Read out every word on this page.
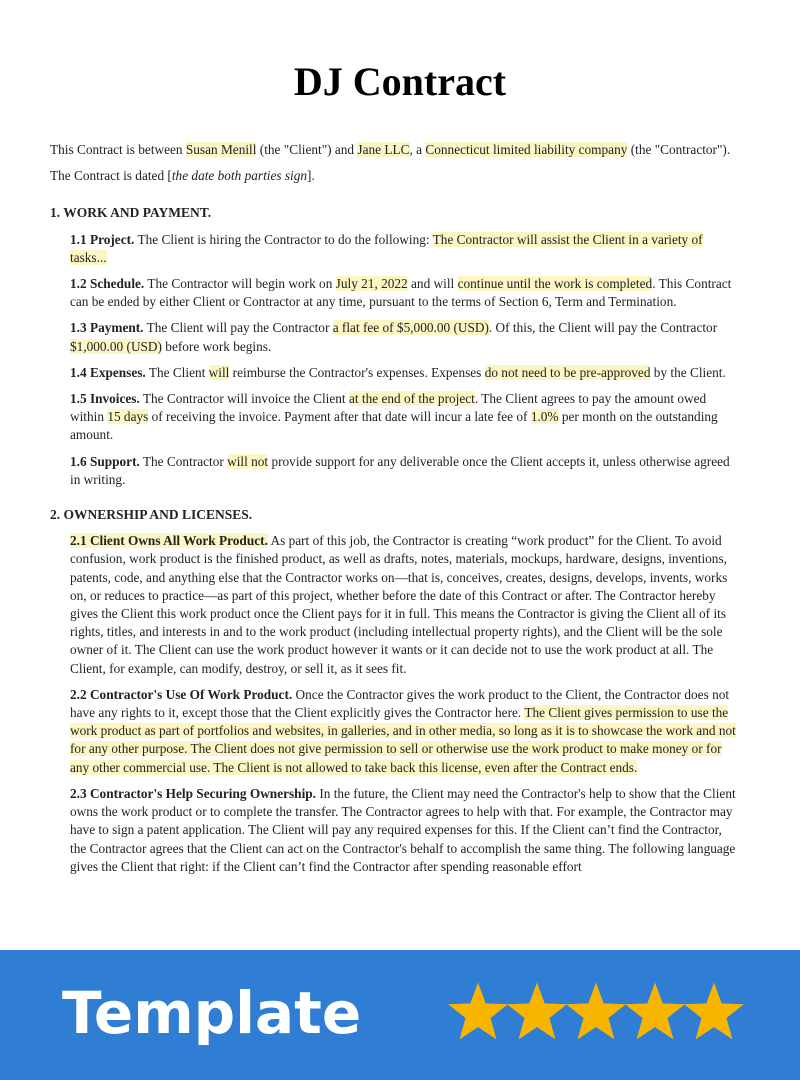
DJ Contract

This Contract is between Susan Menill (the "Client") and Jane LLC, a Connecticut limited liability company (the "Contractor").

The Contract is dated [the date both parties sign].

1. WORK AND PAYMENT.

1.1 Project. The Client is hiring the Contractor to do the following: The Contractor will assist the Client in a variety of tasks...

1.2 Schedule. The Contractor will begin work on July 21, 2022 and will continue until the work is completed. This Contract can be ended by either Client or Contractor at any time, pursuant to the terms of Section 6, Term and Termination.

1.3 Payment. The Client will pay the Contractor a flat fee of $5,000.00 (USD). Of this, the Client will pay the Contractor $1,000.00 (USD) before work begins.

1.4 Expenses. The Client will reimburse the Contractor's expenses. Expenses do not need to be pre-approved by the Client.

1.5 Invoices. The Contractor will invoice the Client at the end of the project. The Client agrees to pay the amount owed within 15 days of receiving the invoice. Payment after that date will incur a late fee of 1.0% per month on the outstanding amount.

1.6 Support. The Contractor will not provide support for any deliverable once the Client accepts it, unless otherwise agreed in writing.

2. OWNERSHIP AND LICENSES.

2.1 Client Owns All Work Product. As part of this job, the Contractor is creating “work product” for the Client. To avoid confusion, work product is the finished product, as well as drafts, notes, materials, mockups, hardware, designs, inventions, patents, code, and anything else that the Contractor works on—that is, conceives, creates, designs, develops, invents, works on, or reduces to practice—as part of this project, whether before the date of this Contract or after. The Contractor hereby gives the Client this work product once the Client pays for it in full. This means the Contractor is giving the Client all of its rights, titles, and interests in and to the work product (including intellectual property rights), and the Client will be the sole owner of it. The Client can use the work product however it wants or it can decide not to use the work product at all. The Client, for example, can modify, destroy, or sell it, as it sees fit.

2.2 Contractor's Use Of Work Product. Once the Contractor gives the work product to the Client, the Contractor does not have any rights to it, except those that the Client explicitly gives the Contractor here. The Client gives permission to use the work product as part of portfolios and websites, in galleries, and in other media, so long as it is to showcase the work and not for any other purpose. The Client does not give permission to sell or otherwise use the work product to make money or for any other commercial use. The Client is not allowed to take back this license, even after the Contract ends.

2.3 Contractor's Help Securing Ownership. In the future, the Client may need the Contractor's help to show that the Client owns the work product or to complete the transfer. The Contractor agrees to help with that. For example, the Contractor may have to sign a patent application. The Client will pay any required expenses for this. If the Client can’t find the Contractor, the Contractor agrees that the Client can act on the Contractor's behalf to accomplish the same thing. The following language gives the Client that right: if the Client can’t find the Contractor after spending reasonable effort

Template
